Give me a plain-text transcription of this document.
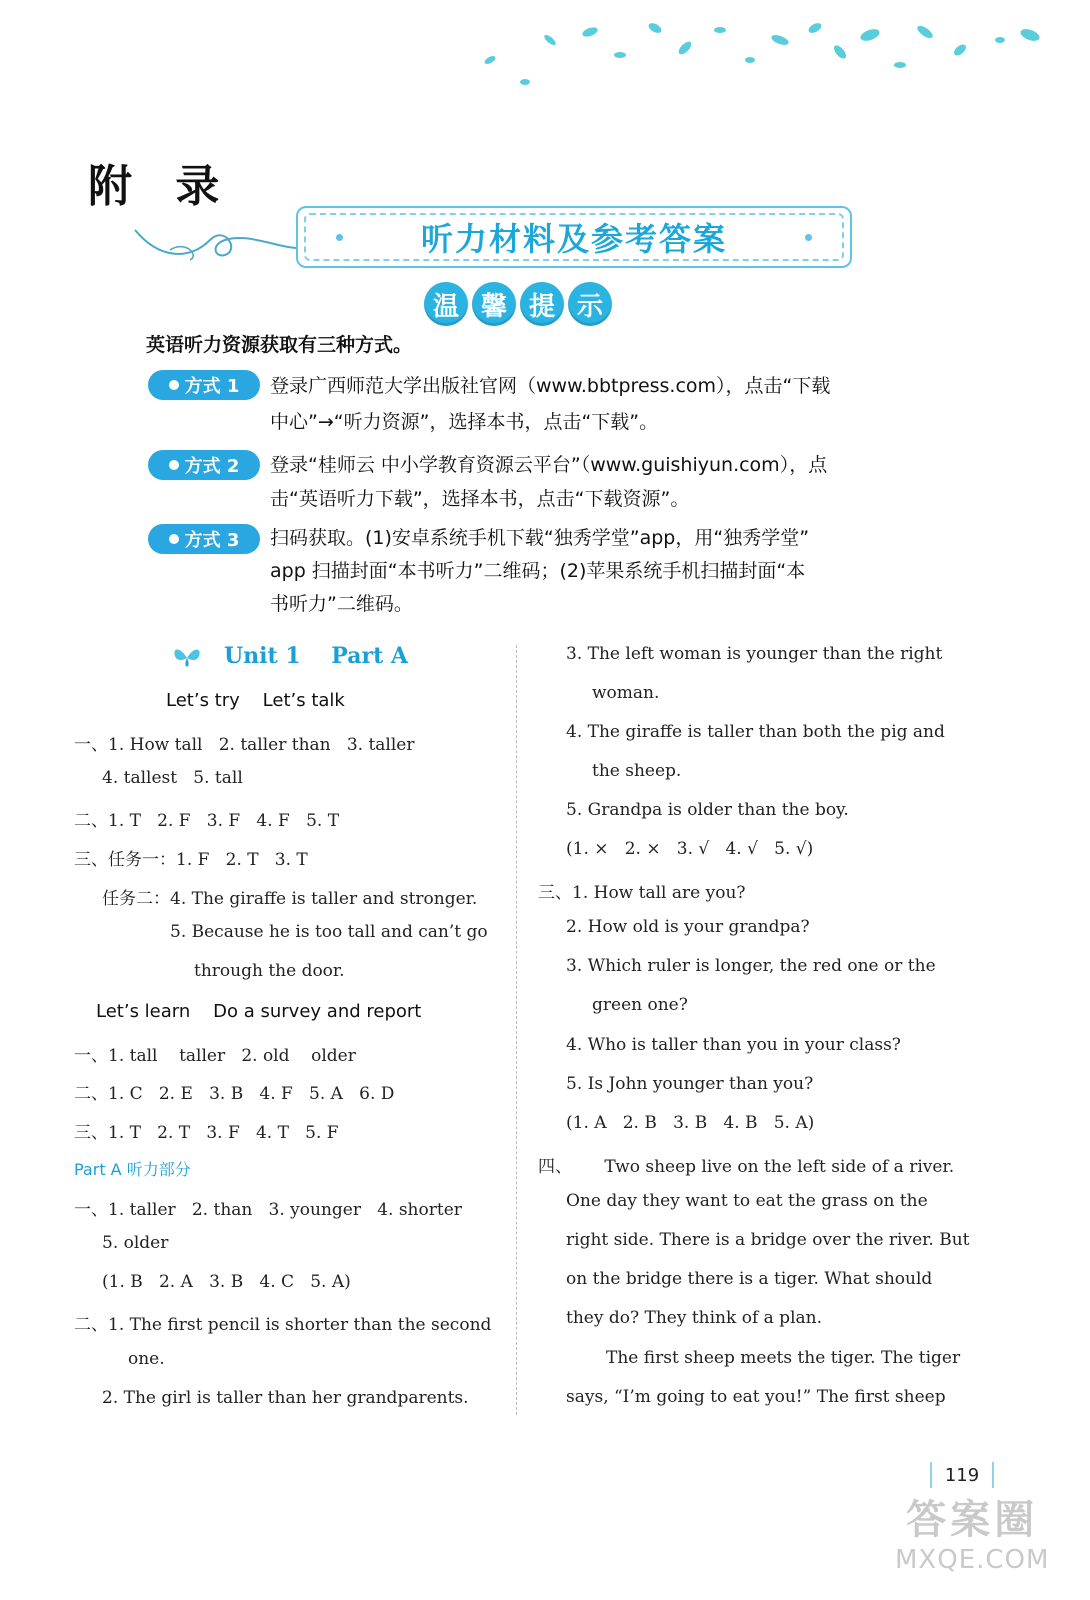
附 录
听力材料及参考答案
温 馨 提 示
英语听力资源获取有三种方式。
方式 1 登录广西师范大学出版社官网（www.bbtpress.com），点击“下载
中心”→“听力资源”，选择本书，点击“下载”。
方式 2 登录“桂师云 中小学教育资源云平台”（www.guishiyun.com），点
击“英语听力下载”，选择本书，点击“下载资源”。
方式 3 扫码获取。(1)安卓系统手机下载“独秀学堂”app，用“独秀学堂”
app 扫描封面“本书听力”二维码；(2)苹果系统手机扫描封面“本
书听力”二维码。
Unit 1    Part A
Let’s try    Let’s talk
一、1. How tall   2. taller than   3. taller
4. tallest   5. tall
二、1. T   2. F   3. F   4. F   5. T
三、任务一：1. F   2. T   3. T
任务二：4. The giraffe is taller and stronger.
5. Because he is too tall and can’t go
through the door.
Let’s learn    Do a survey and report
一、1. tall    taller   2. old    older
二、1. C   2. E   3. B   4. F   5. A   6. D
三、1. T   2. T   3. F   4. T   5. F
Part A 听力部分
一、1. taller   2. than   3. younger   4. shorter
5. older
(1. B   2. A   3. B   4. C   5. A)
二、1. The first pencil is shorter than the second
one.
2. The girl is taller than her grandparents.
3. The left woman is younger than the right
woman.
4. The giraffe is taller than both the pig and
the sheep.
5. Grandpa is older than the boy.
(1. ×   2. ×   3. √   4. √   5. √)
三、1. How tall are you?
2. How old is your grandpa?
3. Which ruler is longer, the red one or the
green one?
4. Who is taller than you in your class?
5. Is John younger than you?
(1. A   2. B   3. B   4. B   5. A)
四、      Two sheep live on the left side of a river.
One day they want to eat the grass on the
right side. There is a bridge over the river. But
on the bridge there is a tiger. What should
they do? They think of a plan.
The first sheep meets the tiger. The tiger
says, “I’m going to eat you!” The first sheep
119
答案圈
MXQE.COM
